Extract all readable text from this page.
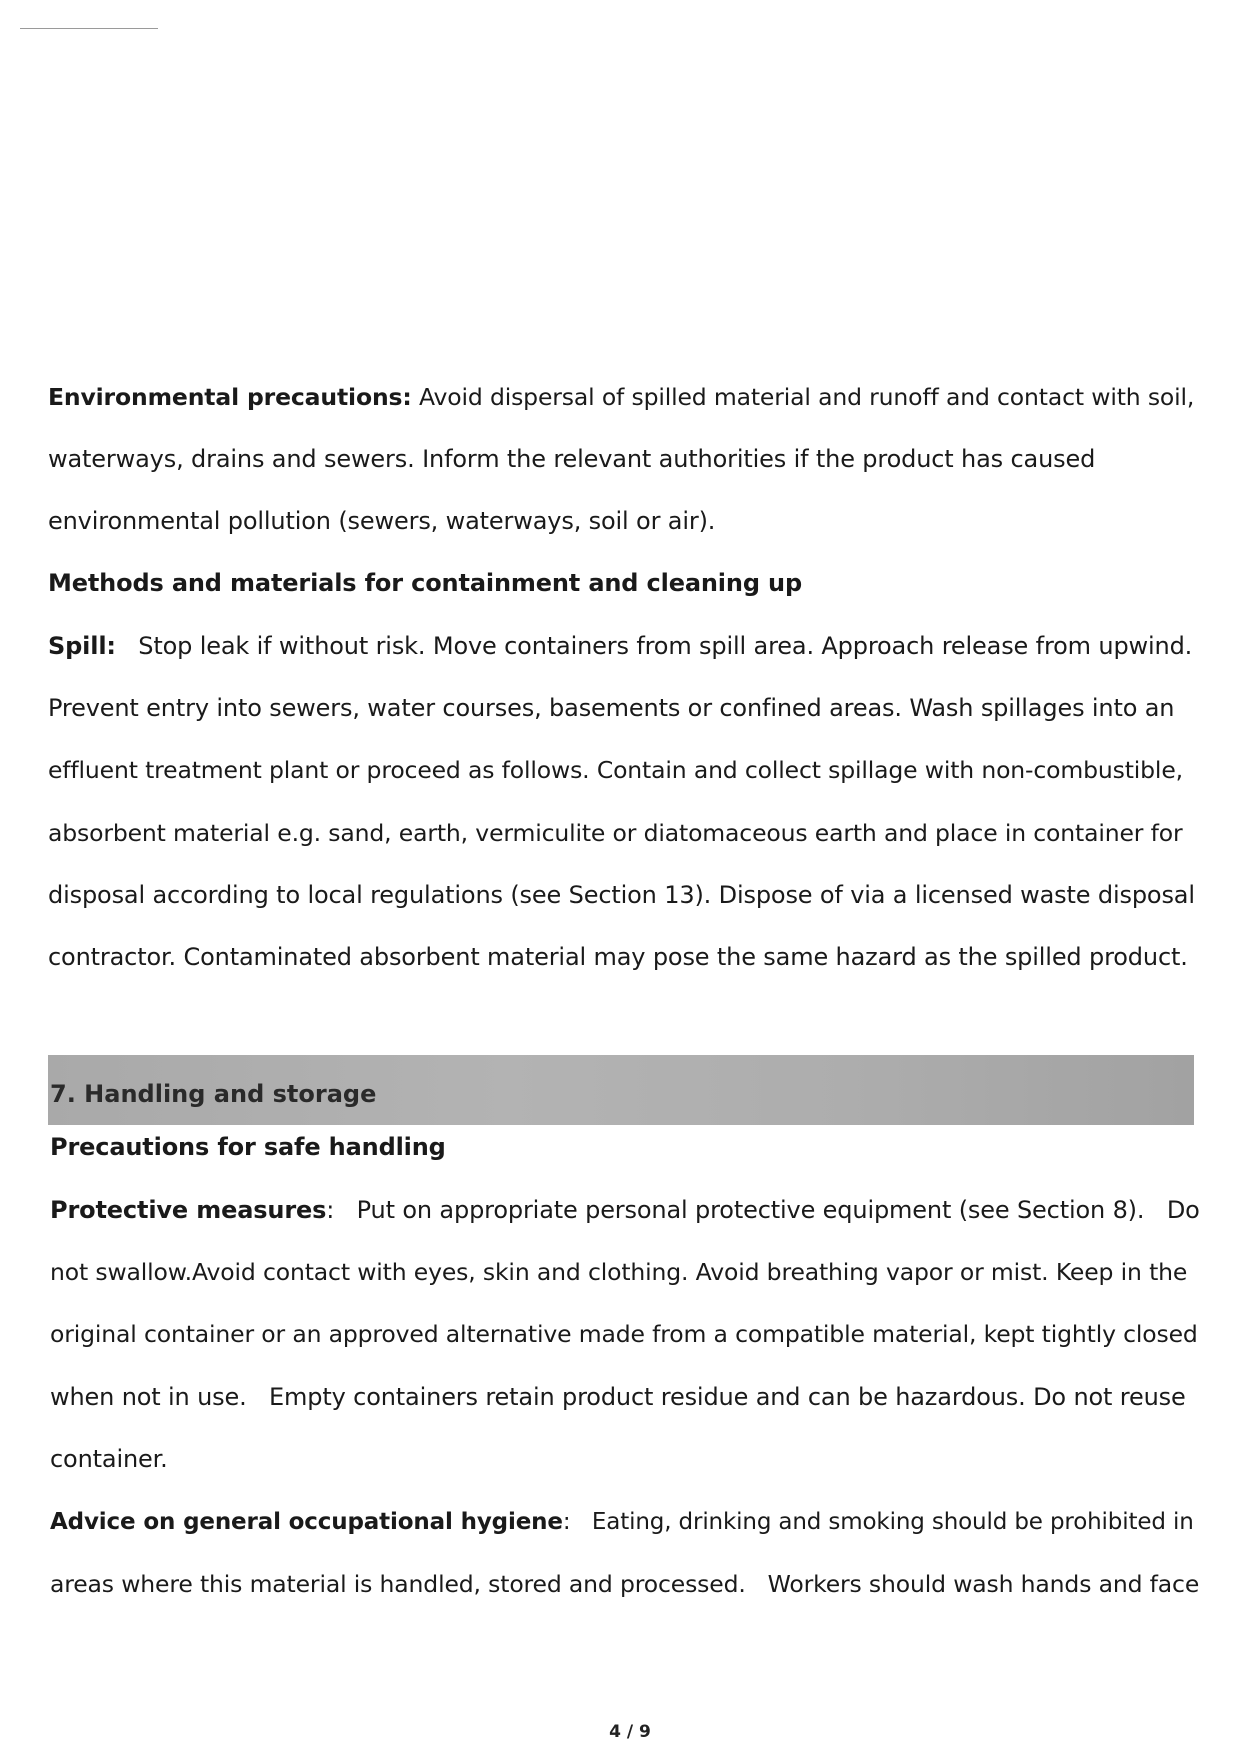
Environmental precautions: Avoid dispersal of spilled material and runoff and contact with soil,
waterways, drains and sewers. Inform the relevant authorities if the product has caused
environmental pollution (sewers, waterways, soil or air).
Methods and materials for containment and cleaning up
Spill:   Stop leak if without risk. Move containers from spill area. Approach release from upwind.
Prevent entry into sewers, water courses, basements or confined areas. Wash spillages into an
effluent treatment plant or proceed as follows. Contain and collect spillage with non-combustible,
absorbent material e.g. sand, earth, vermiculite or diatomaceous earth and place in container for
disposal according to local regulations (see Section 13). Dispose of via a licensed waste disposal
contractor. Contaminated absorbent material may pose the same hazard as the spilled product.
7. Handling and storage
Precautions for safe handling
Protective measures:   Put on appropriate personal protective equipment (see Section 8).   Do
not swallow.Avoid contact with eyes, skin and clothing. Avoid breathing vapor or mist. Keep in the
original container or an approved alternative made from a compatible material, kept tightly closed
when not in use.   Empty containers retain product residue and can be hazardous. Do not reuse
container.
Advice on general occupational hygiene:   Eating, drinking and smoking should be prohibited in
areas where this material is handled, stored and processed.   Workers should wash hands and face
4 / 9
